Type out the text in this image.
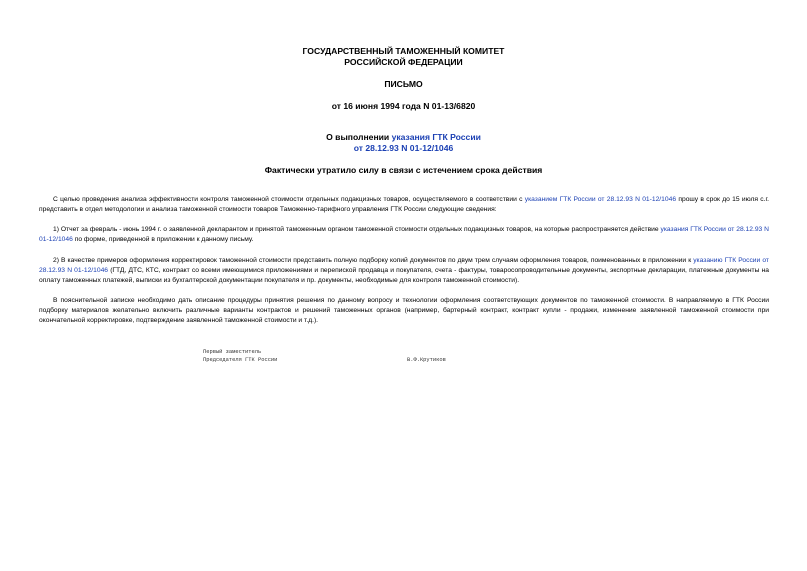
ГОСУДАРСТВЕННЫЙ ТАМОЖЕННЫЙ КОМИТЕТ
РОССИЙСКОЙ ФЕДЕРАЦИИ
ПИСЬМО
от 16 июня 1994 года N 01-13/6820
О выполнении указания ГТК России
от 28.12.93 N 01-12/1046
Фактически утратило силу в связи с истечением срока действия
С целью проведения анализа эффективности контроля таможенной стоимости отдельных подакцизных товаров, осуществляемого в соответствии с указанием ГТК России от 28.12.93 N 01-12/1046 прошу в срок до 15 июля с.г. представить в отдел методологии и анализа таможенной стоимости товаров Таможенно-тарифного управления ГТК России следующие сведения:
1) Отчет за февраль - июнь 1994 г. о заявленной декларантом и принятой таможенным органом таможенной стоимости отдельных подакцизных товаров, на которые распространяется действие указания ГТК России от 28.12.93 N 01-12/1046 по форме, приведенной в приложении к данному письму.
2) В качестве примеров оформления корректировок таможенной стоимости представить полную подборку копий документов по двум трем случаям оформления товаров, поименованных в приложении к указанию ГТК России от 28.12.93 N 01-12/1046 (ГТД, ДТС, КТС, контракт со всеми имеющимися приложениями и перепиской продавца и покупателя, счета - фактуры, товаросопроводительные документы, экспортные декларации, платежные документы на оплату таможенных платежей, выписки из бухгалтерской документации покупателя и пр. документы, необходимые для контроля таможенной стоимости).
В пояснительной записке необходимо дать описание процедуры принятия решения по данному вопросу и технологии оформления соответствующих документов по таможенной стоимости. В направляемую в ГТК России подборку материалов желательно включить различные варианты контрактов и решений таможенных органов (например, бартерный контракт, контракт купли - продажи, изменение заявленной таможенной стоимости при окончательной корректировке, подтверждение заявленной таможенной стоимости и т.д.).
Первый заместитель
Председателя ГТК России	В.Ф.Крутиков
